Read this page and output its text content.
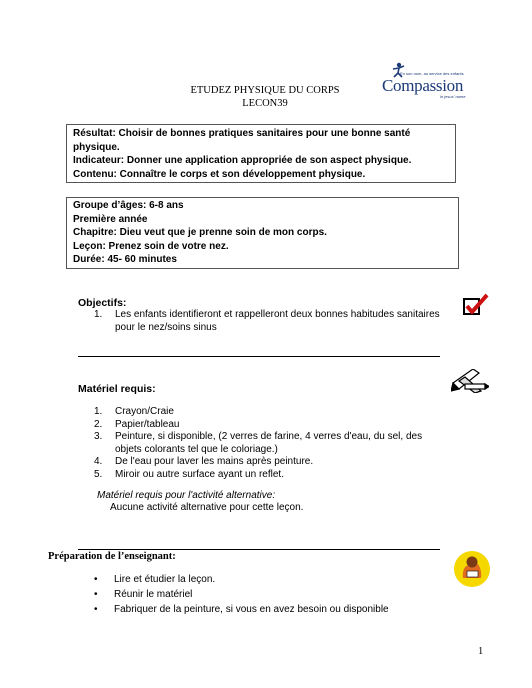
ETUDEZ PHYSIQUE DU CORPS
LECON39
En son nom, au service des enfants
Compassion
in jesus' name
Résultat: Choisir de bonnes pratiques sanitaires pour une bonne santé physique.
Indicateur: Donner une application appropriée de son aspect physique.
Contenu: Connaître le corps et son développement physique.
Groupe d’âges: 6-8 ans
Première année
Chapitre: Dieu veut que je prenne soin de mon corps.
Leçon: Prenez soin de votre nez.
Durée: 45- 60 minutes
Objectifs:
1. Les enfants identifieront et rappelleront deux bonnes habitudes sanitaires
pour le nez/soins sinus
Matériel requis:
1. Crayon/Craie
2. Papier/tableau
3. Peinture, si disponible, (2 verres de farine, 4 verres d'eau, du sel, des
objets colorants tel que le coloriage.)
4. De l'eau pour laver les mains après peinture.
5. Miroir ou autre surface ayant un reflet.
Matériel requis pour l'activité alternative:
Aucune activité alternative pour cette leçon.
Préparation de l’enseignant:
• Lire et étudier la leçon.
• Réunir le matériel
• Fabriquer de la peinture, si vous en avez besoin ou disponible
1
